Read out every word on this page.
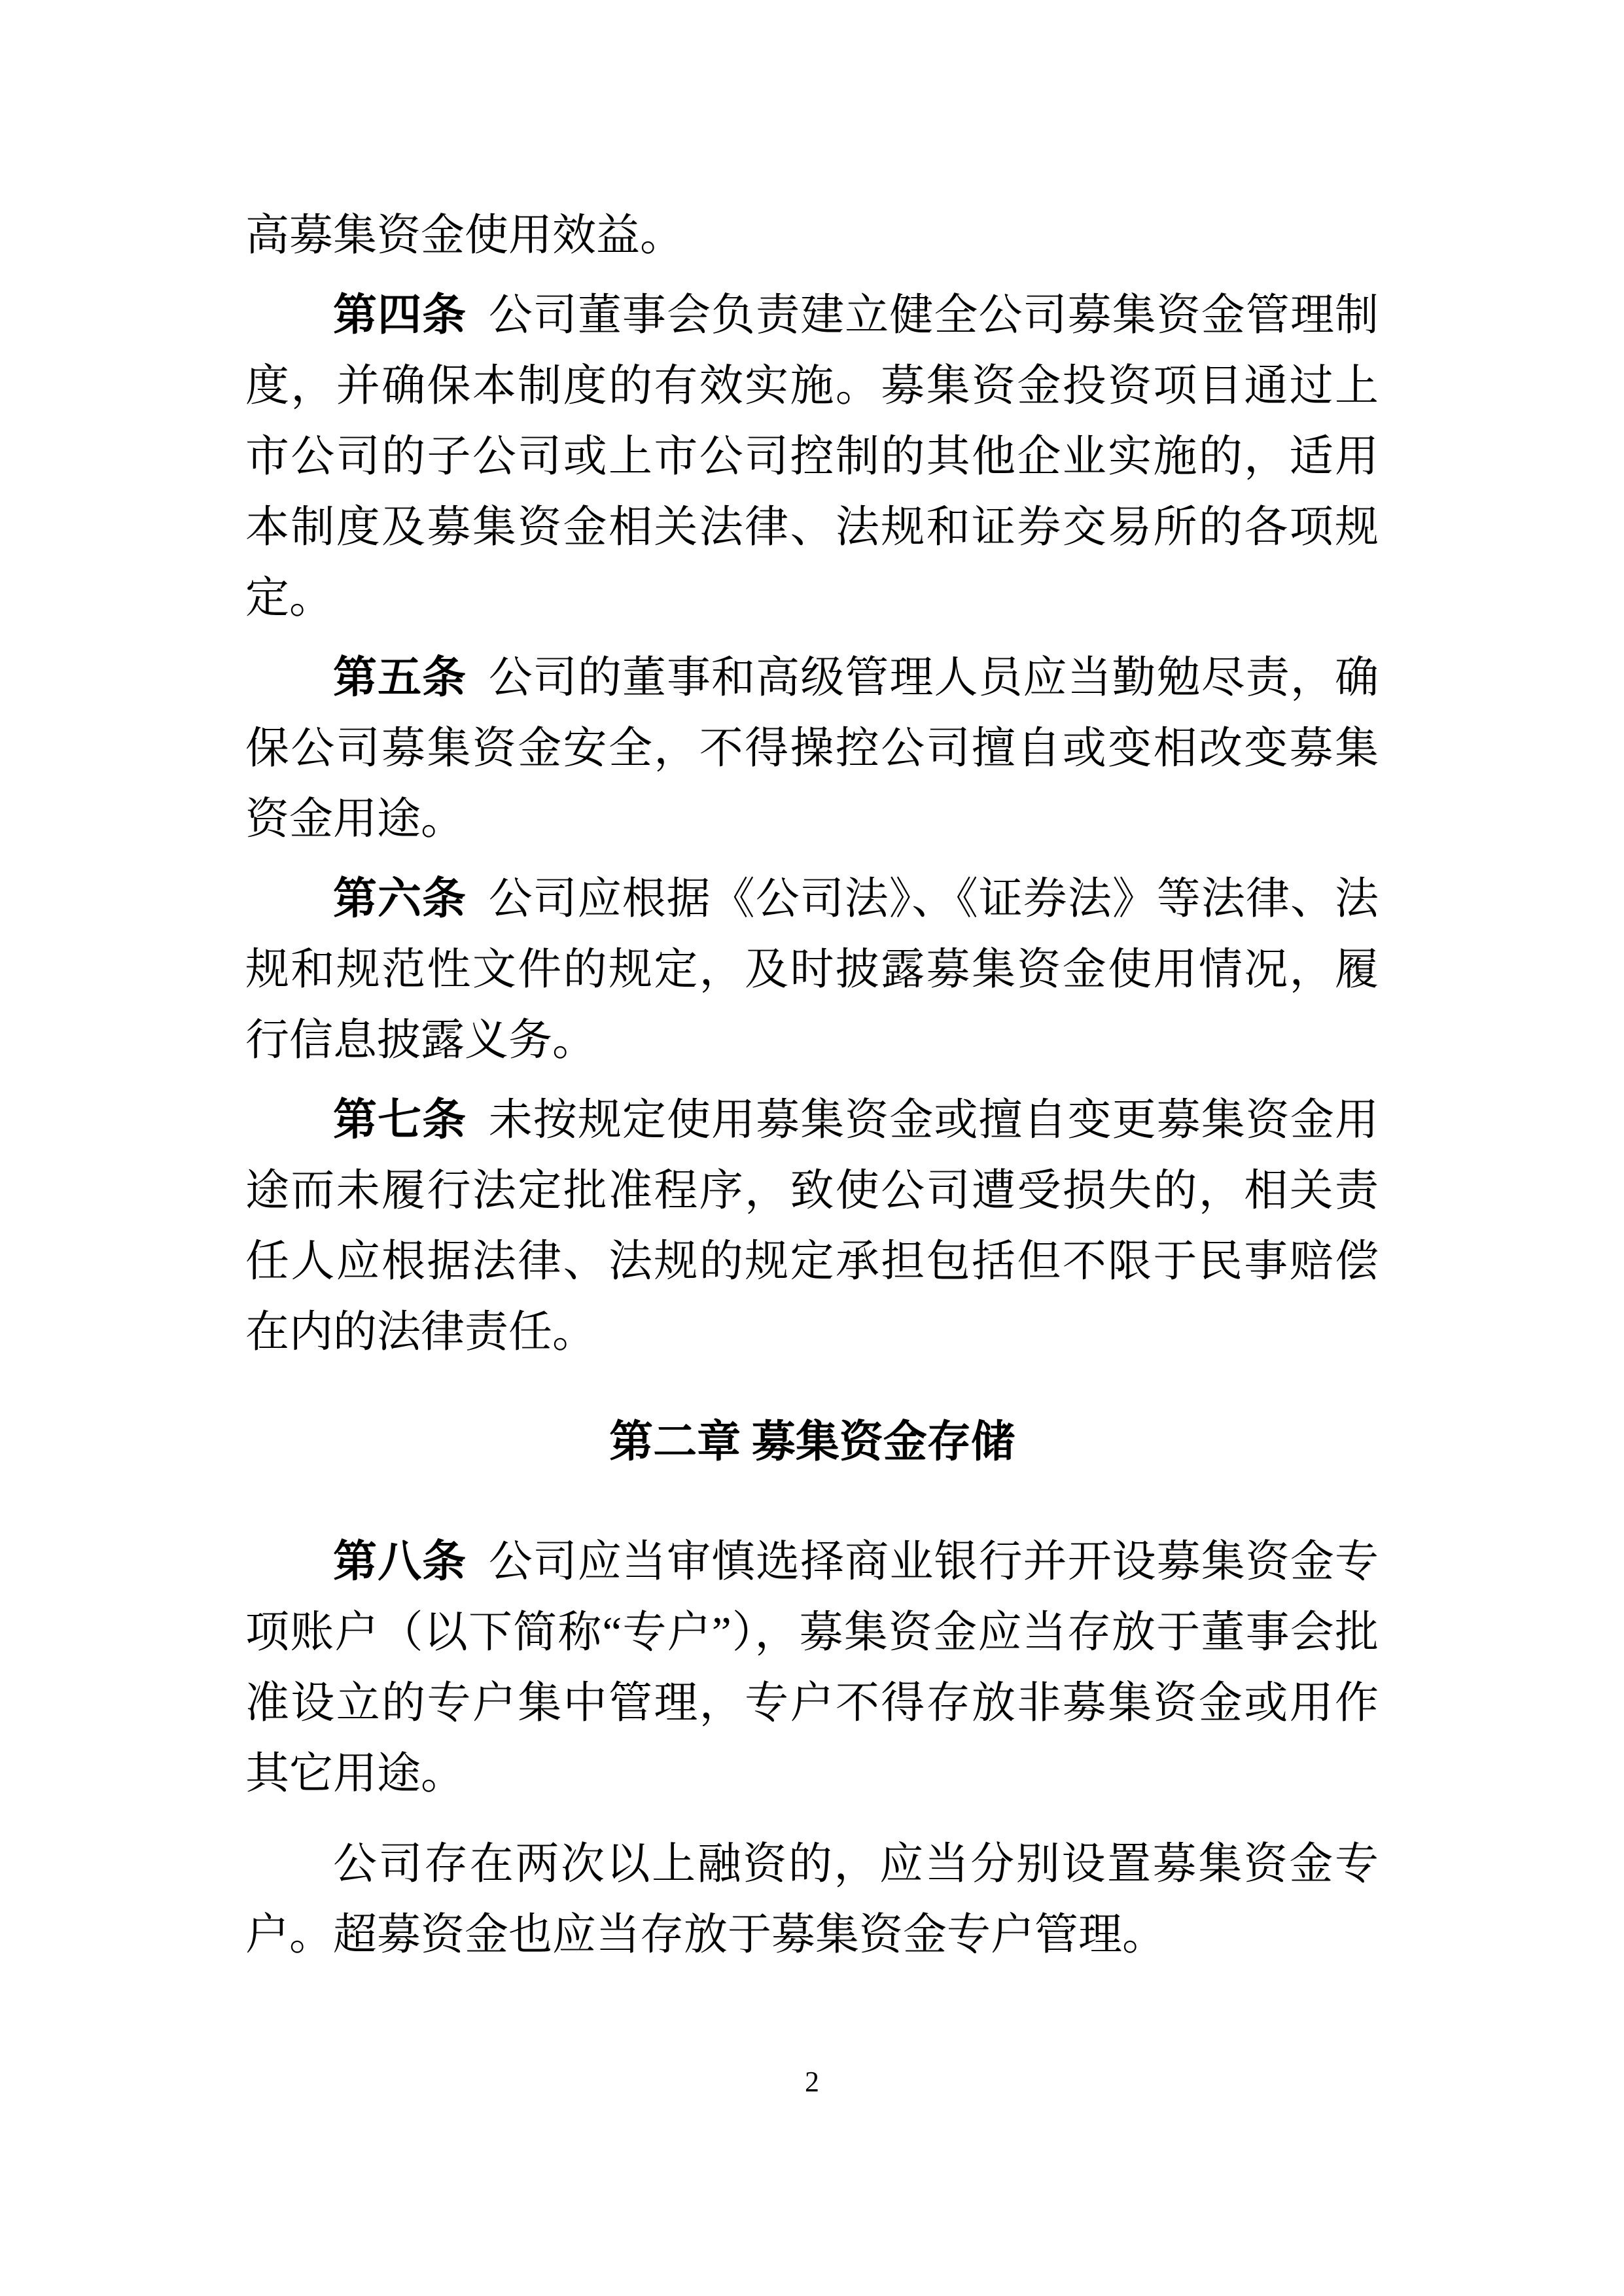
高募集资金使用效益。

第四条 公司董事会负责建立健全公司募集资金管理制度，并确保本制度的有效实施。募集资金投资项目通过上市公司的子公司或上市公司控制的其他企业实施的，适用本制度及募集资金相关法律、法规和证券交易所的各项规定。

第五条 公司的董事和高级管理人员应当勤勉尽责，确保公司募集资金安全，不得操控公司擅自或变相改变募集资金用途。

第六条 公司应根据《公司法》、《证券法》等法律、法规和规范性文件的规定，及时披露募集资金使用情况，履行信息披露义务。

第七条 未按规定使用募集资金或擅自变更募集资金用途而未履行法定批准程序，致使公司遭受损失的，相关责任人应根据法律、法规的规定承担包括但不限于民事赔偿在内的法律责任。

第二章 募集资金存储

第八条 公司应当审慎选择商业银行并开设募集资金专项账户（以下简称“专户”），募集资金应当存放于董事会批准设立的专户集中管理，专户不得存放非募集资金或用作其它用途。

公司存在两次以上融资的，应当分别设置募集资金专户。超募资金也应当存放于募集资金专户管理。

2
